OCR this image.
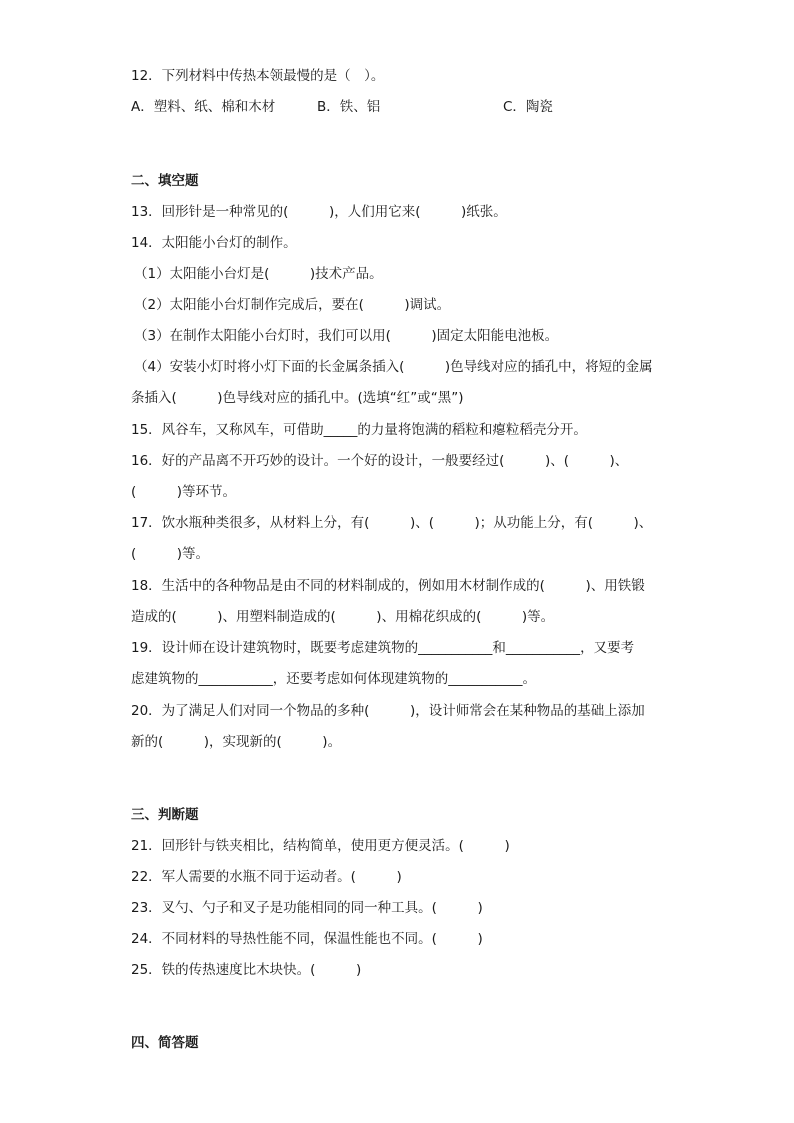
12．下列材料中传热本领最慢的是（　）。
A．塑料、纸、棉和木材	B．铁、铝	C．陶瓷
二、填空题
13．回形针是一种常见的(　　　)，人们用它来(　　　)纸张。
14．太阳能小台灯的制作。
（1）太阳能小台灯是(　　　)技术产品。
（2）太阳能小台灯制作完成后，要在(　　　)调试。
（3）在制作太阳能小台灯时，我们可以用(　　　)固定太阳能电池板。
（4）安装小灯时将小灯下面的长金属条插入(　　　)色导线对应的插孔中，将短的金属
条插入(　　　)色导线对应的插孔中。(选填“红”或“黑”)
15．风谷车，又称风车，可借助_____的力量将饱满的稻粒和瘪粒稻壳分开。
16．好的产品离不开巧妙的设计。一个好的设计，一般要经过(　　　)、(　　　)、
(　　　)等环节。
17．饮水瓶种类很多，从材料上分，有(　　　)、(　　　)；从功能上分，有(　　　)、
(　　　)等。
18．生活中的各种物品是由不同的材料制成的，例如用木材制作成的(　　　)、用铁锻
造成的(　　　)、用塑料制造成的(　　　)、用棉花织成的(　　　)等。
19．设计师在设计建筑物时，既要考虑建筑物的___________和___________，又要考
虑建筑物的___________，还要考虑如何体现建筑物的___________。
20．为了满足人们对同一个物品的多种(　　　)，设计师常会在某种物品的基础上添加
新的(　　　)，实现新的(　　　)。
三、判断题
21．回形针与铁夹相比，结构简单，使用更方便灵活。(　　　)
22．军人需要的水瓶不同于运动者。(　　　)
23．叉勺、勺子和叉子是功能相同的同一种工具。(　　　)
24．不同材料的导热性能不同，保温性能也不同。(　　　)
25．铁的传热速度比木块快。(　　　)
四、简答题
